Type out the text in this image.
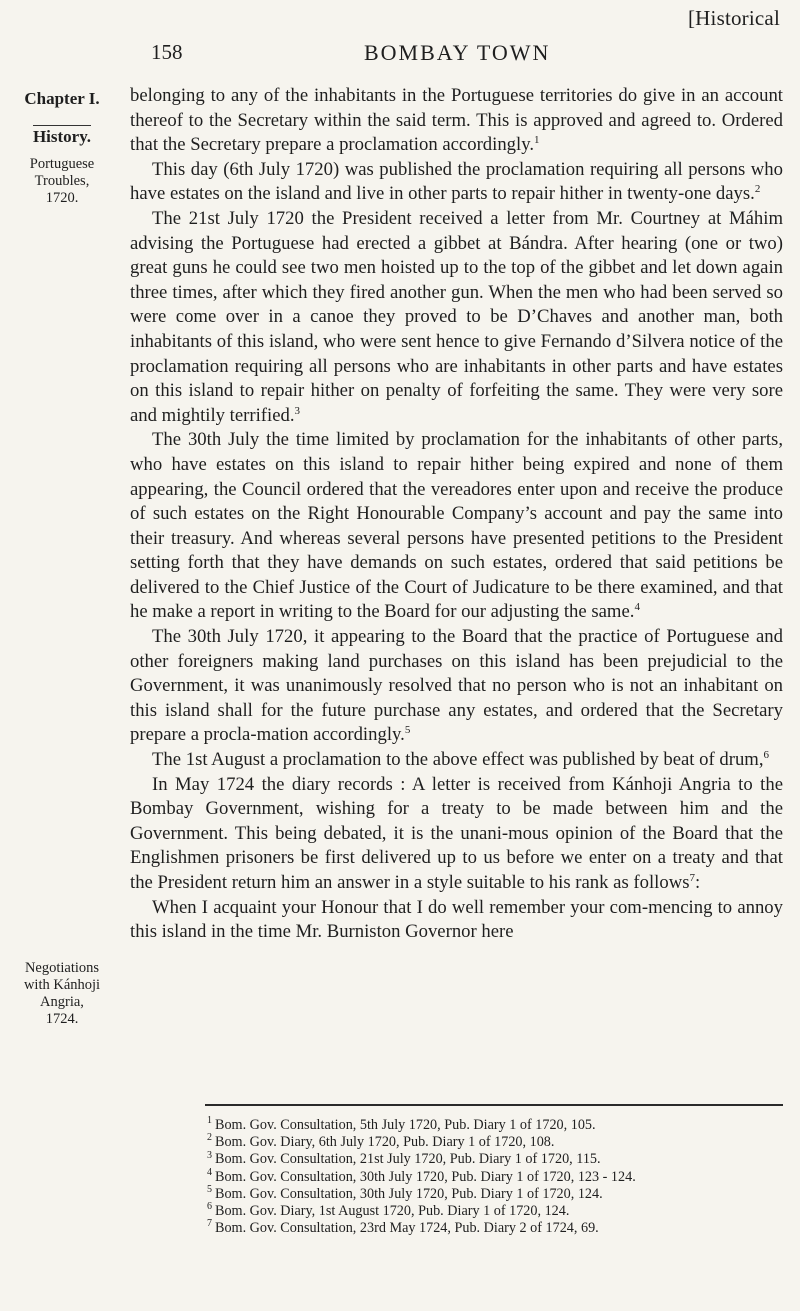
[Historical
158	BOMBAY TOWN
Chapter I.
History.
Portuguese
Troubles,
1720.
Negotiations
with Kánhoji
Angria,
1724.

belonging to any of the inhabitants in the Portuguese territories do give in an account thereof to the Secretary within the said term. This is approved and agreed to. Ordered that the Secretary prepare a proclamation accordingly.$^1$

This day (6th July 1720) was published the proclamation requiring all persons who have estates on the island and live in other parts to repair hither in twenty-one days.$^2$

The 21st July 1720 the President received a letter from Mr. Courtney at Máhim advising the Portuguese had erected a gibbet at Bándra. After hearing (one or two) great guns he could see two men hoisted up to the top of the gibbet and let down again three times, after which they fired another gun. When the men who had been served so were come over in a canoe they proved to be D’Chaves and another man, both inhabitants of this island, who were sent hence to give Fernando d’Silvera notice of the proclamation requiring all persons who are inhabitants in other parts and have estates on this island to repair hither on penalty of forfeiting the same. They were very sore and mightily terrified.$^3$

The 30th July the time limited by proclamation for the inhabitants of other parts, who have estates on this island to repair hither being expired and none of them appearing, the Council ordered that the vereadores enter upon and receive the produce of such estates on the Right Honourable Company’s account and pay the same into their treasury. And whereas several persons have presented petitions to the President setting forth that they have demands on such estates, ordered that said petitions be delivered to the Chief Justice of the Court of Judicature to be there examined, and that he make a report in writing to the Board for our adjusting the same.$^4$

The 30th July 1720, it appearing to the Board that the practice of Portuguese and other foreigners making land purchases on this island has been prejudicial to the Government, it was unanimously resolved that no person who is not an inhabitant on this island shall for the future purchase any estates, and ordered that the Secretary prepare a procla-mation accordingly.$^5$

The 1st August a proclamation to the above effect was published by beat of drum,$^6$

In May 1724 the diary records : A letter is received from Kánhoji Angria to the Bombay Government, wishing for a treaty to be made between him and the Government. This being debated, it is the unani-mous opinion of the Board that the Englishmen prisoners be first delivered up to us before we enter on a treaty and that the President return him an answer in a style suitable to his rank as follows$^7$:

When I acquaint your Honour that I do well remember your com-mencing to annoy this island in the time Mr. Burniston Governor here

$^1$ Bom. Gov. Consultation, 5th July 1720, Pub. Diary 1 of 1720, 105.
$^2$ Bom. Gov. Diary, 6th July 1720, Pub. Diary 1 of 1720, 108.
$^3$ Bom. Gov. Consultation, 21st July 1720, Pub. Diary 1 of 1720, 115.
$^4$ Bom. Gov. Consultation, 30th July 1720, Pub. Diary 1 of 1720, 123 - 124.
$^5$ Bom. Gov. Consultation, 30th July 1720, Pub. Diary 1 of 1720, 124.
$^6$ Bom. Gov. Diary, 1st August 1720, Pub. Diary 1 of 1720, 124.
$^7$ Bom. Gov. Consultation, 23rd May 1724, Pub. Diary 2 of 1724, 69.
